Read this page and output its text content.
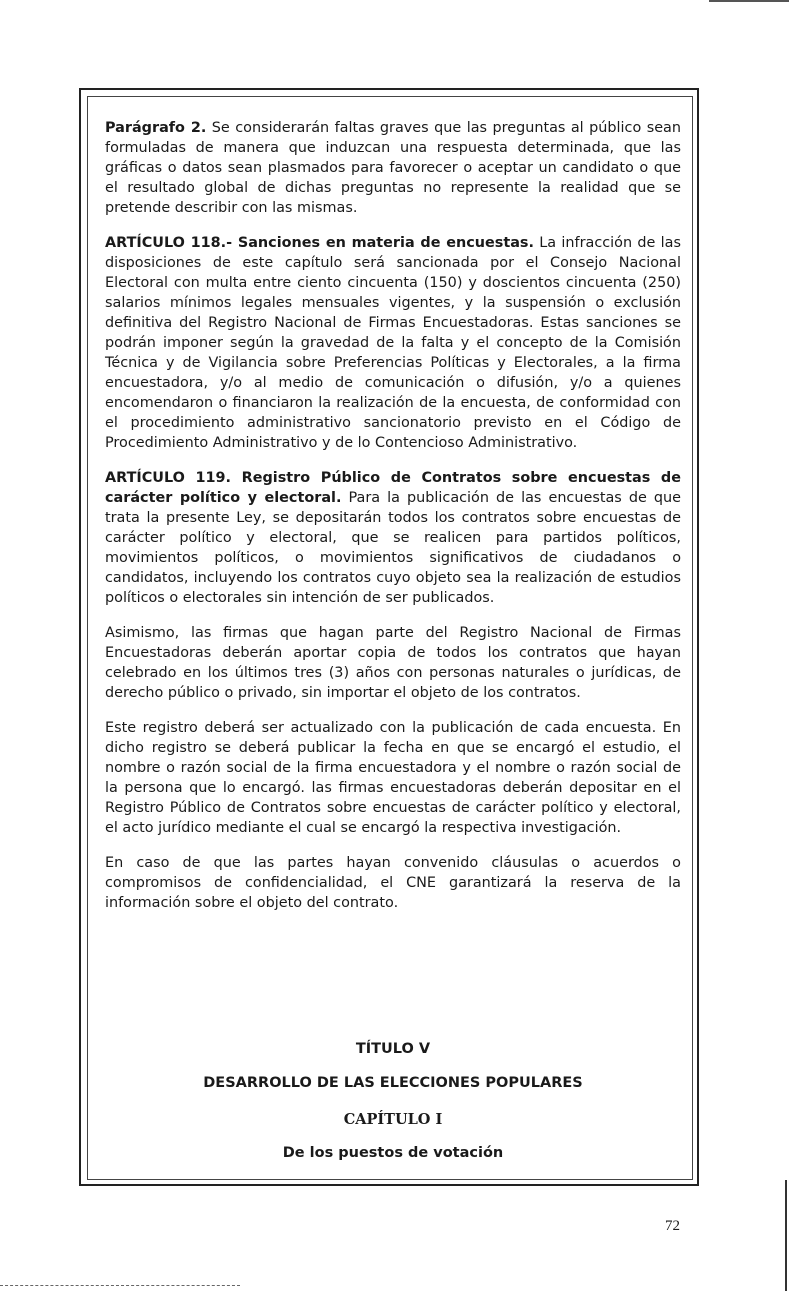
Parágrafo 2. Se considerarán faltas graves que las preguntas al público sean formuladas de manera que induzcan una respuesta determinada, que las gráficas o datos sean plasmados para favorecer o aceptar un candidato o que el resultado global de dichas preguntas no represente la realidad que se pretende describir con las mismas.

ARTÍCULO 118.- Sanciones en materia de encuestas. La infracción de las disposiciones de este capítulo será sancionada por el Consejo Nacional Electoral con multa entre ciento cincuenta (150) y doscientos cincuenta (250) salarios mínimos legales mensuales vigentes, y la suspensión o exclusión definitiva del Registro Nacional de Firmas Encuestadoras. Estas sanciones se podrán imponer según la gravedad de la falta y el concepto de la Comisión Técnica y de Vigilancia sobre Preferencias Políticas y Electorales, a la firma encuestadora, y/o al medio de comunicación o difusión, y/o a quienes encomendaron o financiaron la realización de la encuesta, de conformidad con el procedimiento administrativo sancionatorio previsto en el Código de Procedimiento Administrativo y de lo Contencioso Administrativo.

ARTÍCULO 119. Registro Público de Contratos sobre encuestas de carácter político y electoral. Para la publicación de las encuestas de que trata la presente Ley, se depositarán todos los contratos sobre encuestas de carácter político y electoral, que se realicen para partidos políticos, movimientos políticos, o movimientos significativos de ciudadanos o candidatos, incluyendo los contratos cuyo objeto sea la realización de estudios políticos o electorales sin intención de ser publicados.

Asimismo, las firmas que hagan parte del Registro Nacional de Firmas Encuestadoras deberán aportar copia de todos los contratos que hayan celebrado en los últimos tres (3) años con personas naturales o jurídicas, de derecho público o privado, sin importar el objeto de los contratos.

Este registro deberá ser actualizado con la publicación de cada encuesta. En dicho registro se deberá publicar la fecha en que se encargó el estudio, el nombre o razón social de la firma encuestadora y el nombre o razón social de la persona que lo encargó. las firmas encuestadoras deberán depositar en el Registro Público de Contratos sobre encuestas de carácter político y electoral, el acto jurídico mediante el cual se encargó la respectiva investigación.

En caso de que las partes hayan convenido cláusulas o acuerdos o compromisos de confidencialidad, el CNE garantizará la reserva de la información sobre el objeto del contrato.

TÍTULO V
DESARROLLO DE LAS ELECCIONES POPULARES
CAPÍTULO I
De los puestos de votación
72
